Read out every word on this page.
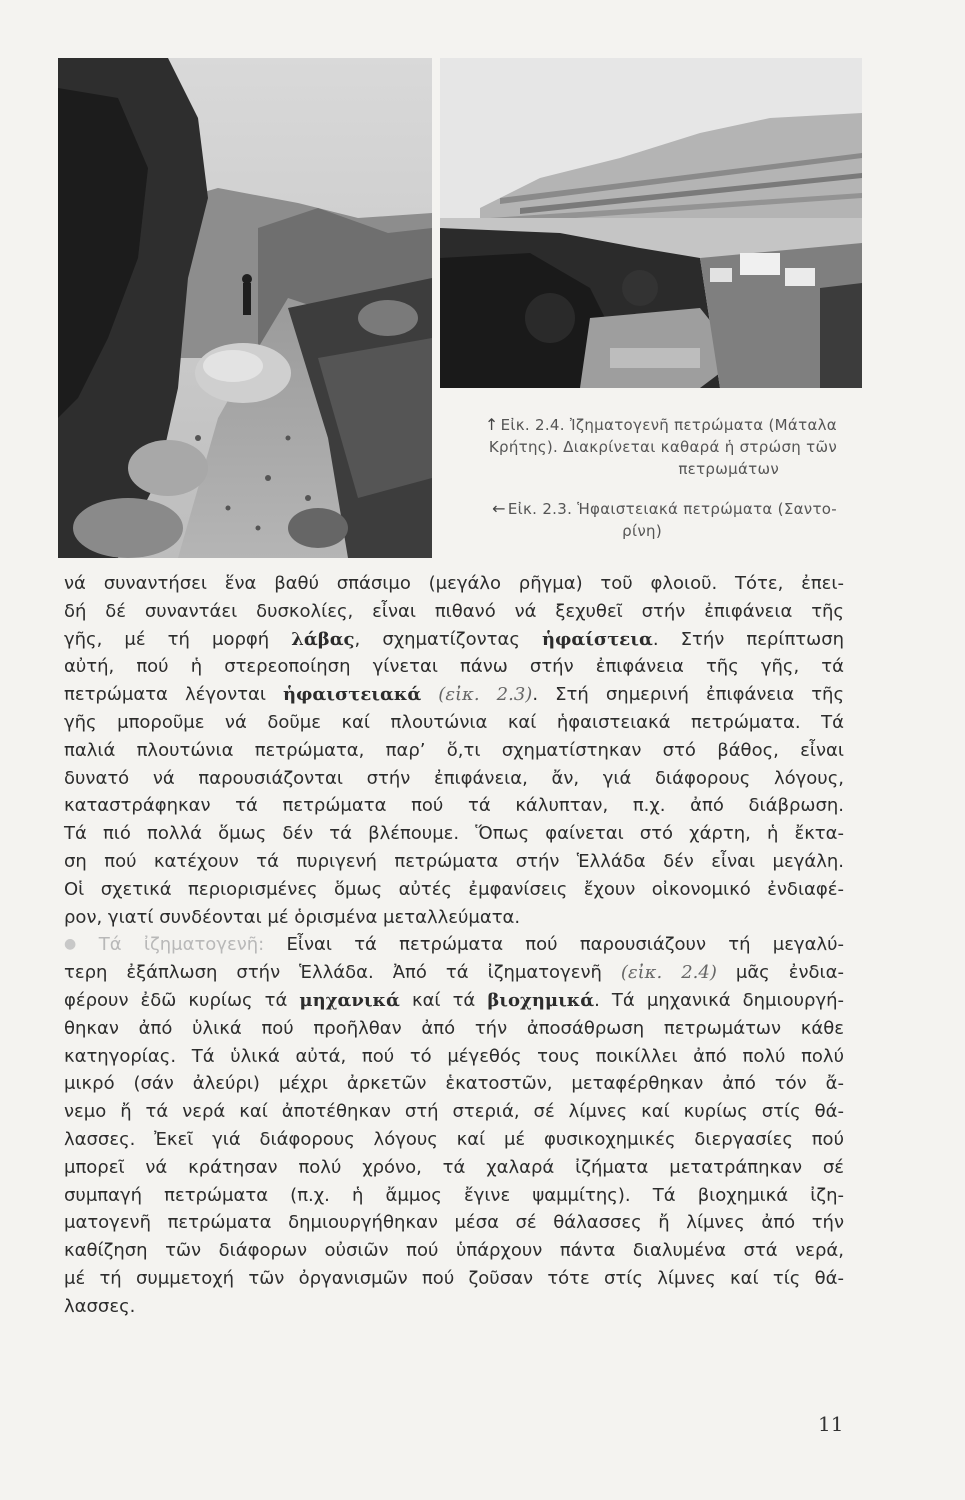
↑ Εἰκ. 2.4. Ἰζηματογενῆ πετρώματα (Μάταλα
Κρήτης). Διακρίνεται καθαρά ἡ στρώση τῶν
πετρωμάτων
← Εἰκ. 2.3. Ἡφαιστειακά πετρώματα (Σαντο-
ρίνη)
νά συναντήσει ἕνα βαθύ σπάσιμο (μεγάλο ρῆγμα) τοῦ φλοιοῦ. Τότε, ἐπει-
δή δέ συναντάει δυσκολίες, εἶναι πιθανό νά ξεχυθεῖ στήν ἐπιφάνεια τῆς
γῆς, μέ τή μορφή λάβας, σχηματίζοντας ἡφαίστεια. Στήν περίπτωση
αὐτή, πού ἡ στερεοποίηση γίνεται πάνω στήν ἐπιφάνεια τῆς γῆς, τά
πετρώματα λέγονται ἡφαιστειακά (εἰκ. 2.3). Στή σημερινή ἐπιφάνεια τῆς
γῆς μποροῦμε νά δοῦμε καί πλουτώνια καί ἡφαιστειακά πετρώματα. Τά
παλιά πλουτώνια πετρώματα, παρ’ ὅ,τι σχηματίστηκαν στό βάθος, εἶναι
δυνατό νά παρουσιάζονται στήν ἐπιφάνεια, ἄν, γιά διάφορους λόγους,
καταστράφηκαν τά πετρώματα πού τά κάλυπταν, π.χ. ἀπό διάβρωση.
Τά πιό πολλά ὅμως δέν τά βλέπουμε. Ὅπως φαίνεται στό χάρτη, ἡ ἔκτα-
ση πού κατέχουν τά πυριγενή πετρώματα στήν Ἑλλάδα δέν εἶναι μεγάλη.
Οἱ σχετικά περιορισμένες ὅμως αὐτές ἐμφανίσεις ἔχουν οἰκονομικό ἐνδιαφέ-
ρον, γιατί συνδέονται μέ ὁρισμένα μεταλλεύματα.
● Τά ἰζηματογενῆ: Εἶναι τά πετρώματα πού παρουσιάζουν τή μεγαλύ-
τερη ἐξάπλωση στήν Ἑλλάδα. Ἀπό τά ἰζηματογενῆ (εἰκ. 2.4) μᾶς ἐνδια-
φέρουν ἐδῶ κυρίως τά μηχανικά καί τά βιοχημικά. Τά μηχανικά δημιουργή-
θηκαν ἀπό ὑλικά πού προῆλθαν ἀπό τήν ἀποσάθρωση πετρωμάτων κάθε
κατηγορίας. Τά ὑλικά αὐτά, πού τό μέγεθός τους ποικίλλει ἀπό πολύ πολύ
μικρό (σάν ἀλεύρι) μέχρι ἀρκετῶν ἑκατοστῶν, μεταφέρθηκαν ἀπό τόν ἄ-
νεμο ἤ τά νερά καί ἀποτέθηκαν στή στεριά, σέ λίμνες καί κυρίως στίς θά-
λασσες. Ἐκεῖ γιά διάφορους λόγους καί μέ φυσικοχημικές διεργασίες πού
μπορεῖ νά κράτησαν πολύ χρόνο, τά χαλαρά ἰζήματα μετατράπηκαν σέ
συμπαγή πετρώματα (π.χ. ἡ ἄμμος ἔγινε ψαμμίτης). Τά βιοχημικά ἰζη-
ματογενῆ πετρώματα δημιουργήθηκαν μέσα σέ θάλασσες ἤ λίμνες ἀπό τήν
καθίζηση τῶν διάφορων οὐσιῶν πού ὑπάρχουν πάντα διαλυμένα στά νερά,
μέ τή συμμετοχή τῶν ὀργανισμῶν πού ζοῦσαν τότε στίς λίμνες καί τίς θά-
λασσες.
11
